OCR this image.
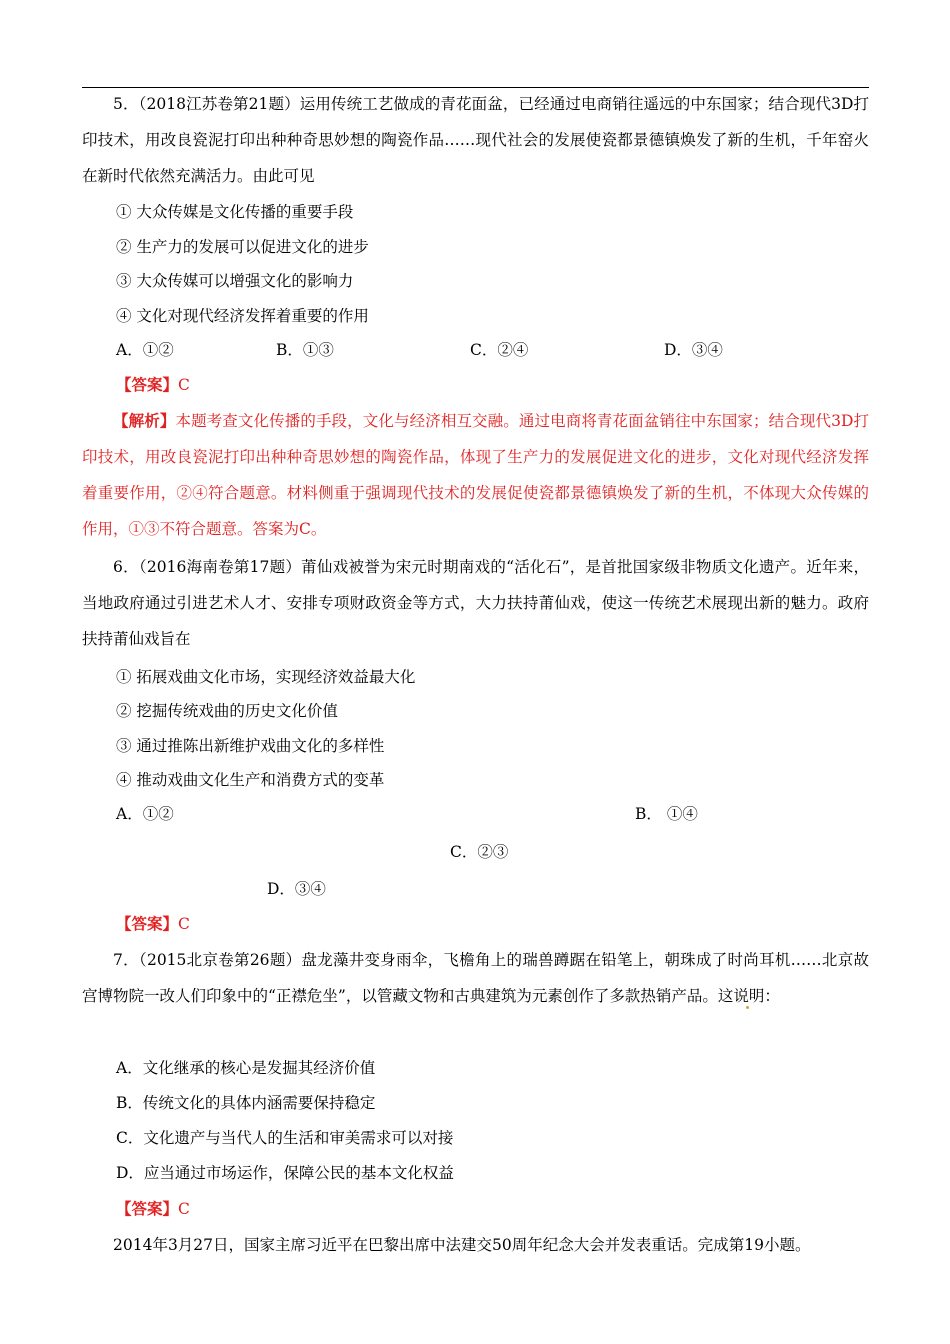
5．（2018江苏卷第21题）运用传统工艺做成的青花面盆，已经通过电商销往遥远的中东国家；结合现代3D打印技术，用改良瓷泥打印出种种奇思妙想的陶瓷作品……现代社会的发展使瓷都景德镇焕发了新的生机，千年窑火在新时代依然充满活力。由此可见
① 大众传媒是文化传播的重要手段
② 生产力的发展可以促进文化的进步
③ 大众传媒可以增强文化的影响力
④ 文化对现代经济发挥着重要的作用
A．①②	B．①③	C．②④	D．③④
【答案】C
【解析】本题考查文化传播的手段，文化与经济相互交融。通过电商将青花面盆销往中东国家；结合现代3D打印技术，用改良瓷泥打印出种种奇思妙想的陶瓷作品，体现了生产力的发展促进文化的进步，文化对现代经济发挥着重要作用，②④符合题意。材料侧重于强调现代技术的发展促使瓷都景德镇焕发了新的生机，不体现大众传媒的作用，①③不符合题意。答案为C。
6．（2016海南卷第17题）莆仙戏被誉为宋元时期南戏的“活化石”，是首批国家级非物质文化遗产。近年来，当地政府通过引进艺术人才、安排专项财政资金等方式，大力扶持莆仙戏，使这一传统艺术展现出新的魅力。政府扶持莆仙戏旨在
① 拓展戏曲文化市场，实现经济效益最大化
② 挖掘传统戏曲的历史文化价值
③ 通过推陈出新维护戏曲文化的多样性
④ 推动戏曲文化生产和消费方式的变革
A．①②	B． ①④
C．②③
D．③④
【答案】C
7．（2015北京卷第26题）盘龙藻井变身雨伞，飞檐角上的瑞兽蹲踞在铅笔上，朝珠成了时尚耳机……北京故宫博物院一改人们印象中的“正襟危坐”，以管藏文物和古典建筑为元素创作了多款热销产品。这说明：
A．文化继承的核心是发掘其经济价值
B．传统文化的具体内涵需要保持稳定
C．文化遗产与当代人的生活和审美需求可以对接
D．应当通过市场运作，保障公民的基本文化权益
【答案】C
2014年3月27日，国家主席习近平在巴黎出席中法建交50周年纪念大会并发表重话。完成第19小题。
